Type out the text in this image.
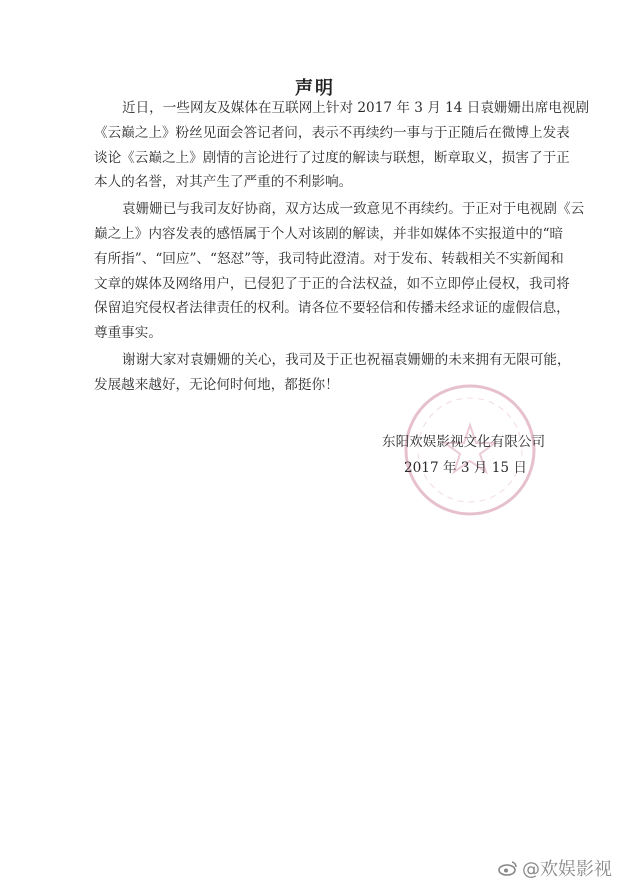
声明
近日，一些网友及媒体在互联网上针对 2017 年 3 月 14 日袁姗姗出席电视剧
《云巅之上》粉丝见面会答记者问，表示不再续约一事与于正随后在微博上发表
谈论《云巅之上》剧情的言论进行了过度的解读与联想，断章取义，损害了于正
本人的名誉，对其产生了严重的不利影响。
袁姗姗已与我司友好协商，双方达成一致意见不再续约。于正对于电视剧《云
巅之上》内容发表的感悟属于个人对该剧的解读，并非如媒体不实报道中的“暗
有所指”、“回应”、“怒怼”等，我司特此澄清。对于发布、转载相关不实新闻和
文章的媒体及网络用户，已侵犯了于正的合法权益，如不立即停止侵权，我司将
保留追究侵权者法律责任的权利。请各位不要轻信和传播未经求证的虚假信息，
尊重事实。
谢谢大家对袁姗姗的关心，我司及于正也祝福袁姗姗的未来拥有无限可能，
发展越来越好，无论何时何地，都挺你！
东阳欢娱影视文化有限公司
2017 年 3 月 15 日
@欢娱影视
